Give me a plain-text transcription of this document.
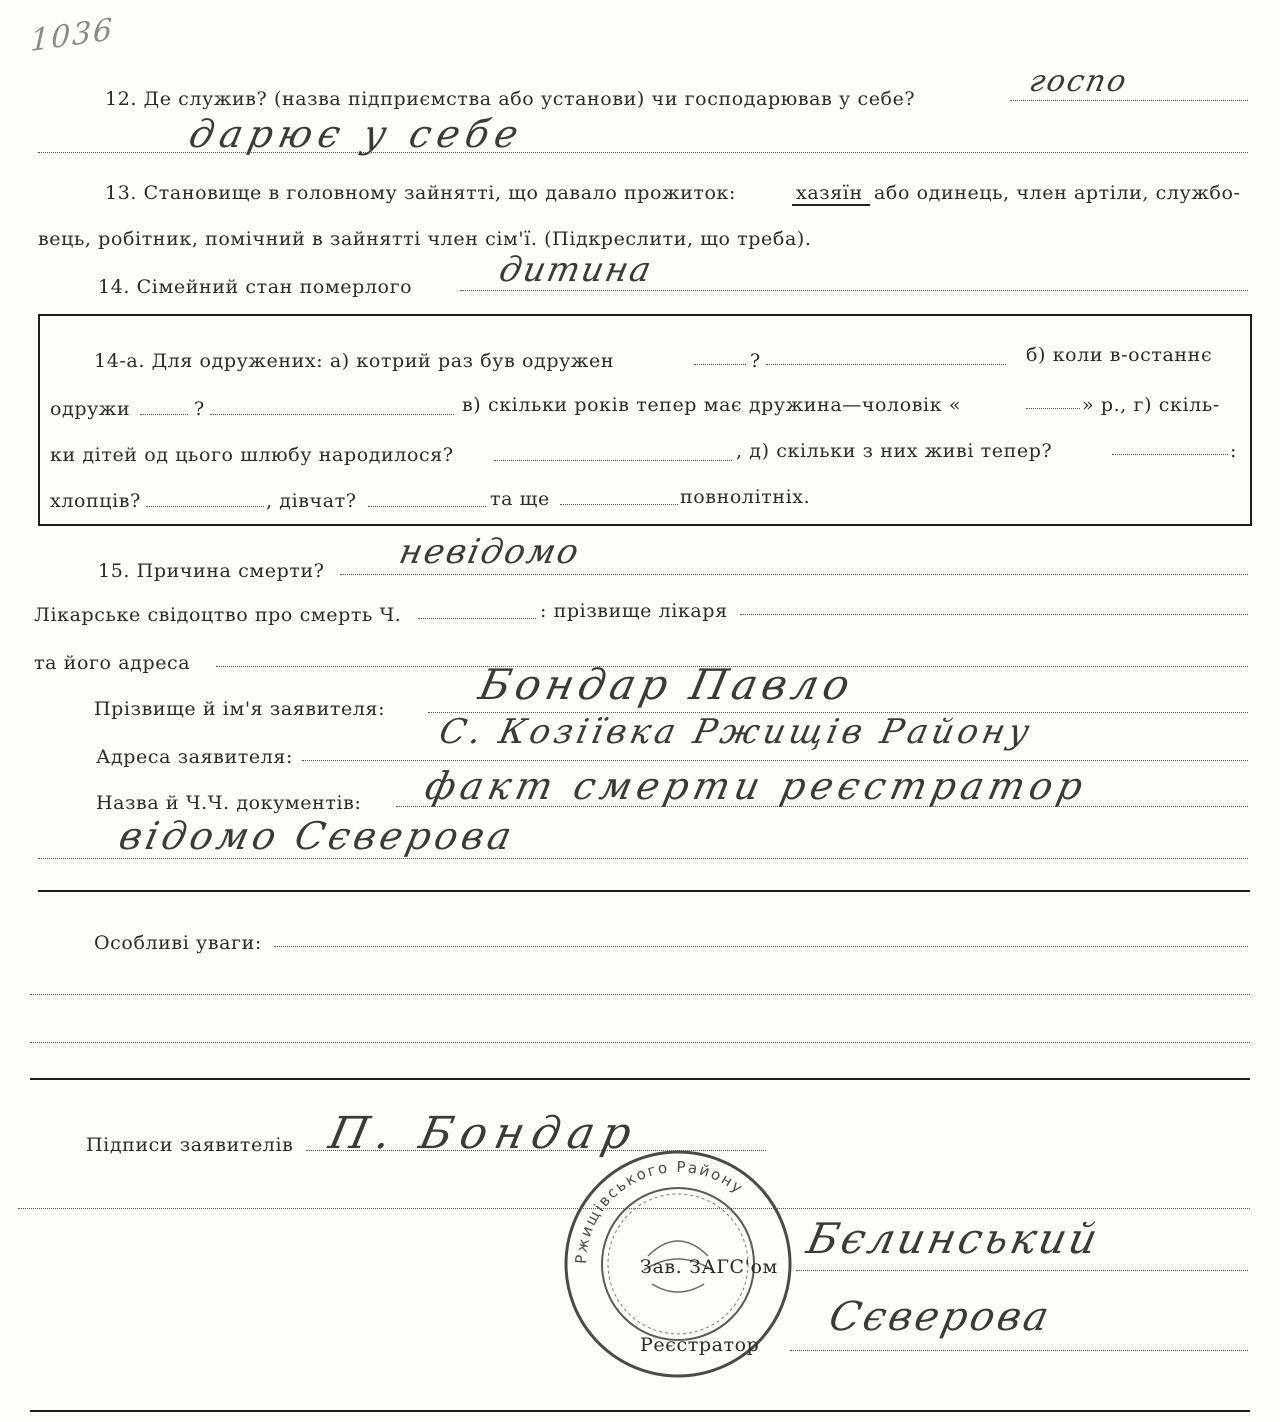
1036
12. Де служив? (назва підприємства або установи) чи господарював у себе?	госпо
дарює у себе
13. Становище в головному зайнятті, що давало прожиток:	хазяїн або одинець, член артіли, службо-
вець, робітник, помічний в зайнятті член сім'ї. (Підкреслити, що треба).
14. Сімейний стан померлого дитина
14-а. Для одружених: а) котрий раз був одружен	?	б) коли в-останнє
одружи	?	в) скільки років тепер має дружина—чоловік «	» р., г) скіль-
ки дітей од цього шлюбу народилося?	, д) скільки з них живі тепер?	:
хлопців?	, дівчат?	та ще	повнолітніх.
15. Причина смерти? невідомо
Лікарське свідоцтво про смерть Ч.	: прізвище лікаря
та його адреса
Прізвище й ім'я заявителя: Бондар Павло
Адреса заявителя:
С. Козіївка Ржищів Району
Назва й Ч.Ч. документів: факт смерти реєстратор
відомо Сєверова
Особливі уваги:
Підписи заявителів П. Бондар
Ржищівського Району
Зав. ЗАГС'ом
Бєлинський
Реєстратор
Сєверова
